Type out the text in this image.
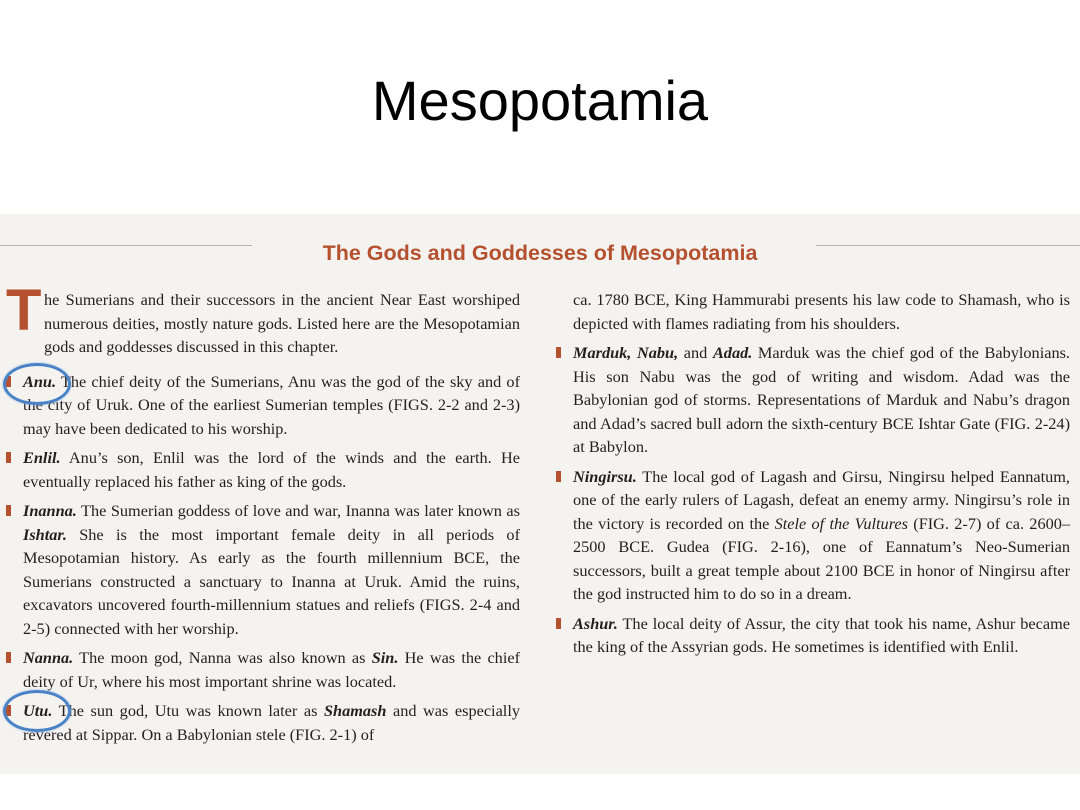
Mesopotamia
The Gods and Goddesses of Mesopotamia

T he Sumerians and their successors in the ancient Near East worshiped numerous deities, mostly nature gods. Listed here are the Mesopotamian gods and goddesses discussed in this chapter.

Anu. The chief deity of the Sumerians, Anu was the god of the sky and of the city of Uruk. One of the earliest Sumerian temples (FIGS. 2-2 and 2-3) may have been dedicated to his worship.

Enlil. Anu’s son, Enlil was the lord of the winds and the earth. He eventually replaced his father as king of the gods.

Inanna. The Sumerian goddess of love and war, Inanna was later known as Ishtar. She is the most important female deity in all periods of Mesopotamian history. As early as the fourth millennium BCE, the Sumerians constructed a sanctuary to Inanna at Uruk. Amid the ruins, excavators uncovered fourth-millennium statues and reliefs (FIGS. 2-4 and 2-5) connected with her worship.

Nanna. The moon god, Nanna was also known as Sin. He was the chief deity of Ur, where his most important shrine was located.

Utu. The sun god, Utu was known later as Shamash and was especially revered at Sippar. On a Babylonian stele (FIG. 2-1) of

ca. 1780 BCE, King Hammurabi presents his law code to Shamash, who is depicted with flames radiating from his shoulders.

Marduk, Nabu, and Adad. Marduk was the chief god of the Babylonians. His son Nabu was the god of writing and wisdom. Adad was the Babylonian god of storms. Representations of Marduk and Nabu’s dragon and Adad’s sacred bull adorn the sixth-century BCE Ishtar Gate (FIG. 2-24) at Babylon.

Ningirsu. The local god of Lagash and Girsu, Ningirsu helped Eannatum, one of the early rulers of Lagash, defeat an enemy army. Ningirsu’s role in the victory is recorded on the Stele of the Vultures (FIG. 2-7) of ca. 2600–2500 BCE. Gudea (FIG. 2-16), one of Eannatum’s Neo-Sumerian successors, built a great temple about 2100 BCE in honor of Ningirsu after the god instructed him to do so in a dream.

Ashur. The local deity of Assur, the city that took his name, Ashur became the king of the Assyrian gods. He sometimes is identified with Enlil.
